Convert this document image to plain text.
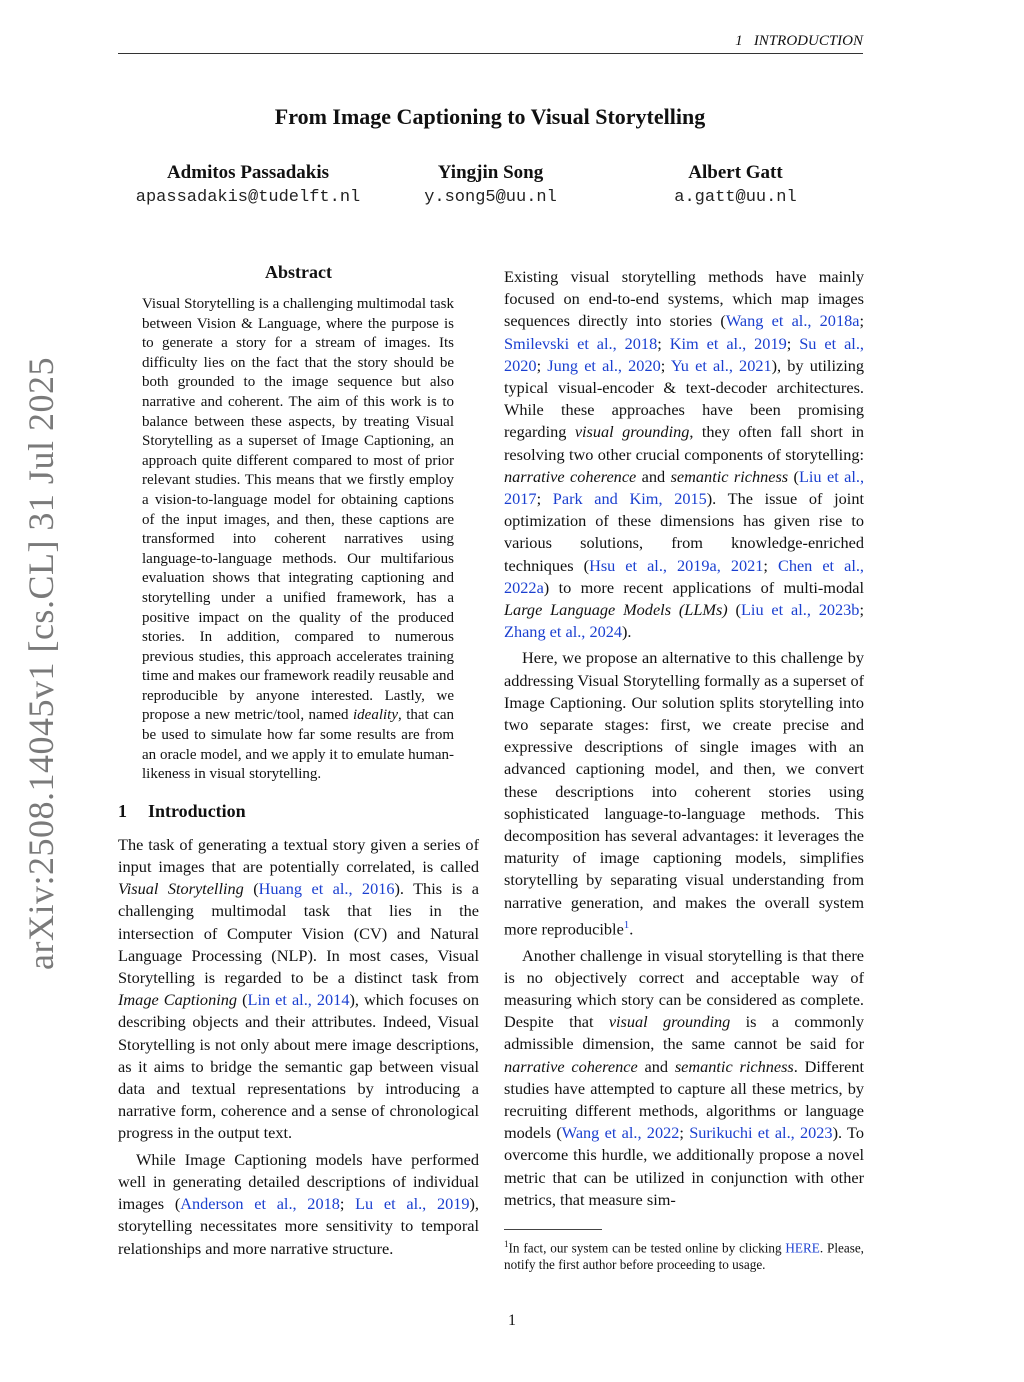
1 INTRODUCTION
arXiv:2508.14045v1 [cs.CL] 31 Jul 2025
From Image Captioning to Visual Storytelling
Admitos Passadakis
apassadakis@tudelft.nl
Yingjin Song
y.song5@uu.nl
Albert Gatt
a.gatt@uu.nl
Abstract
Visual Storytelling is a challenging multimodal task between Vision & Language, where the purpose is to generate a story for a stream of images. Its difficulty lies on the fact that the story should be both grounded to the image sequence but also narrative and coherent. The aim of this work is to balance between these aspects, by treating Visual Storytelling as a superset of Image Captioning, an approach quite different compared to most of prior relevant studies. This means that we firstly employ a vision-to-language model for obtaining captions of the input images, and then, these captions are transformed into coherent narratives using language-to-language methods. Our multifarious evaluation shows that integrating captioning and storytelling under a unified framework, has a positive impact on the quality of the produced stories. In addition, compared to numerous previous studies, this approach accelerates training time and makes our framework readily reusable and reproducible by anyone interested. Lastly, we propose a new metric/tool, named ideality, that can be used to simulate how far some results are from an oracle model, and we apply it to emulate human-likeness in visual storytelling.
1 Introduction

The task of generating a textual story given a series of input images that are potentially correlated, is called Visual Storytelling (Huang et al., 2016). This is a challenging multimodal task that lies in the intersection of Computer Vision (CV) and Natural Language Processing (NLP). In most cases, Visual Storytelling is regarded to be a distinct task from Image Captioning (Lin et al., 2014), which focuses on describing objects and their attributes. Indeed, Visual Storytelling is not only about mere image descriptions, as it aims to bridge the semantic gap between visual data and textual representations by introducing a narrative form, coherence and a sense of chronological progress in the output text.

While Image Captioning models have performed well in generating detailed descriptions of individual images (Anderson et al., 2018; Lu et al., 2019), storytelling necessitates more sensitivity to temporal relationships and more narrative structure.

Existing visual storytelling methods have mainly focused on end-to-end systems, which map images sequences directly into stories (Wang et al., 2018a; Smilevski et al., 2018; Kim et al., 2019; Su et al., 2020; Jung et al., 2020; Yu et al., 2021), by utilizing typical visual-encoder & text-decoder architectures. While these approaches have been promising regarding visual grounding, they often fall short in resolving two other crucial components of storytelling: narrative coherence and semantic richness (Liu et al., 2017; Park and Kim, 2015). The issue of joint optimization of these dimensions has given rise to various solutions, from knowledge-enriched techniques (Hsu et al., 2019a, 2021; Chen et al., 2022a) to more recent applications of multi-modal Large Language Models (LLMs) (Liu et al., 2023b; Zhang et al., 2024).

Here, we propose an alternative to this challenge by addressing Visual Storytelling formally as a superset of Image Captioning. Our solution splits storytelling into two separate stages: first, we create precise and expressive descriptions of single images with an advanced captioning model, and then, we convert these descriptions into coherent stories using sophisticated language-to-language methods. This decomposition has several advantages: it leverages the maturity of image captioning models, simplifies storytelling by separating visual understanding from narrative generation, and makes the overall system more reproducible$^1$.

Another challenge in visual storytelling is that there is no objectively correct and acceptable way of measuring which story can be considered as complete. Despite that visual grounding is a commonly admissible dimension, the same cannot be said for narrative coherence and semantic richness. Different studies have attempted to capture all these metrics, by recruiting different methods, algorithms or language models (Wang et al., 2022; Surikuchi et al., 2023). To overcome this hurdle, we additionally propose a novel metric that can be utilized in conjunction with other metrics, that measure sim-

$^1$In fact, our system can be tested online by clicking HERE. Please, notify the first author before proceeding to usage.
1
